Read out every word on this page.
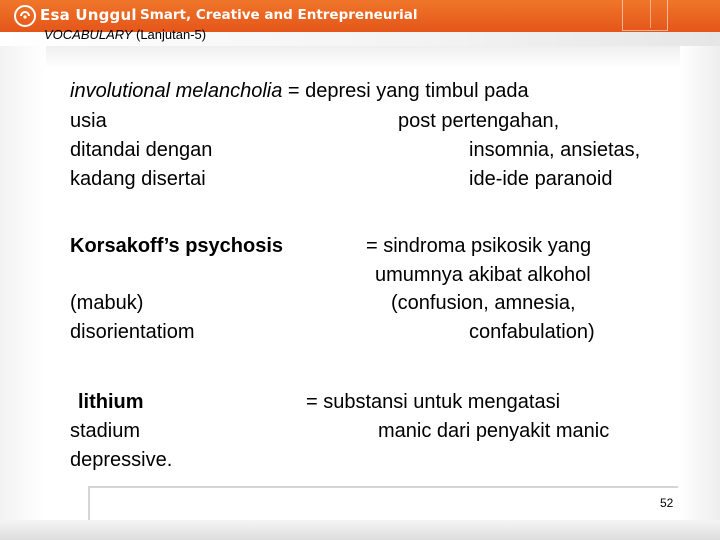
Esa Unggul Smart, Creative and Entrepreneurial
VOCABULARY (Lanjutan-5)
involutional melancholia = depresi yang timbul pada
usia	post pertengahan,
ditandai dengan	insomnia, ansietas,
kadang disertai	ide-ide paranoid
Korsakoff’s psychosis	= sindroma psikosik yang
umumnya akibat alkohol
(mabuk)	(confusion, amnesia,
disorientatiom	confabulation)
lithium	= substansi untuk mengatasi
stadium	manic dari penyakit manic
depressive.
52
